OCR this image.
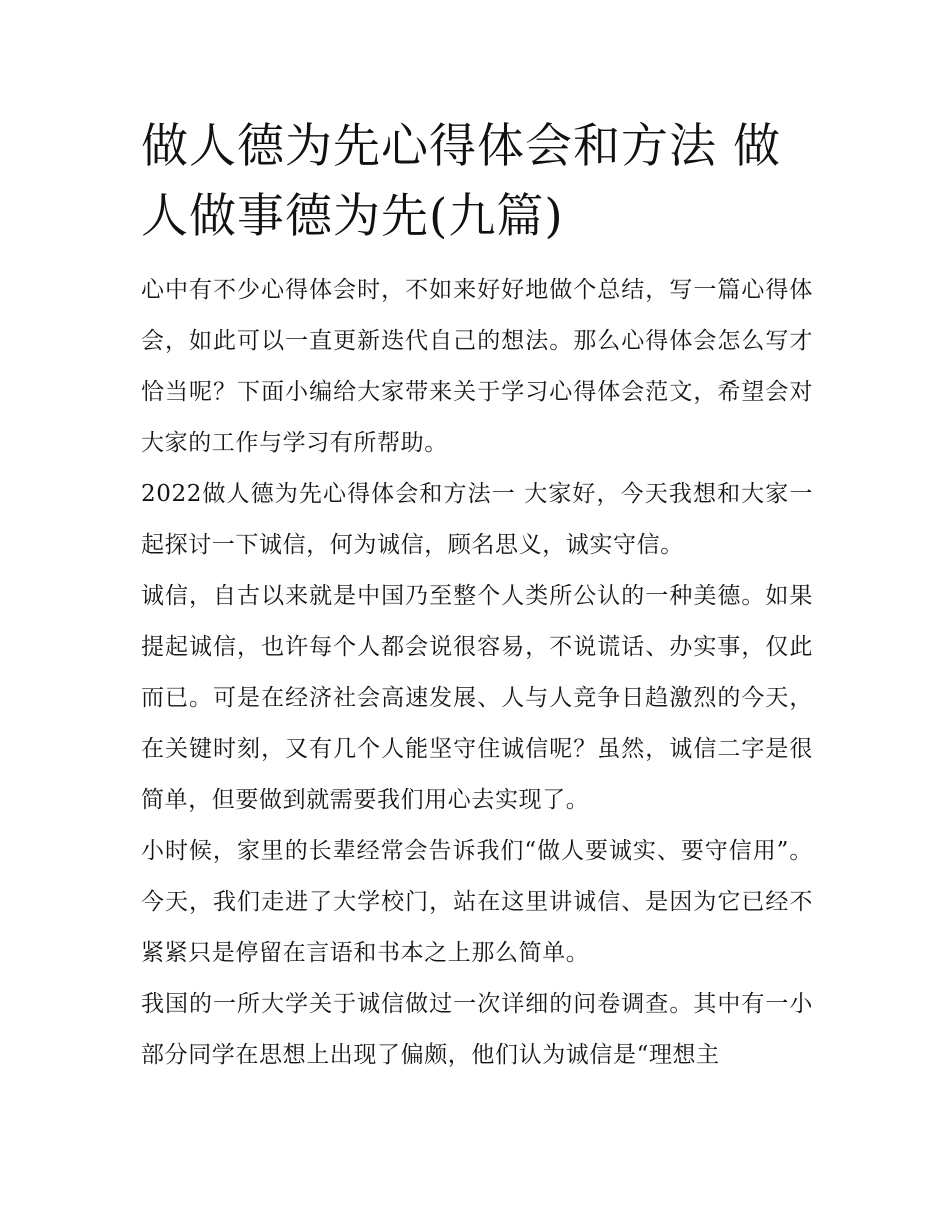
做人德为先心得体会和方法 做人做事德为先(九篇)

心中有不少心得体会时，不如来好好地做个总结，写一篇心得体会，如此可以一直更新迭代自己的想法。那么心得体会怎么写才恰当呢？下面小编给大家带来关于学习心得体会范文，希望会对大家的工作与学习有所帮助。

2022做人德为先心得体会和方法一 大家好，今天我想和大家一起探讨一下诚信，何为诚信，顾名思义，诚实守信。

诚信，自古以来就是中国乃至整个人类所公认的一种美德。如果提起诚信，也许每个人都会说很容易，不说谎话、办实事，仅此而已。可是在经济社会高速发展、人与人竞争日趋激烈的今天，在关键时刻，又有几个人能坚守住诚信呢？虽然，诚信二字是很简单，但要做到就需要我们用心去实现了。

小时候，家里的长辈经常会告诉我们“做人要诚实、要守信用”。今天，我们走进了大学校门，站在这里讲诚信、是因为它已经不紧紧只是停留在言语和书本之上那么简单。

我国的一所大学关于诚信做过一次详细的问卷调查。其中有一小部分同学在思想上出现了偏颇，他们认为诚信是“理想主
